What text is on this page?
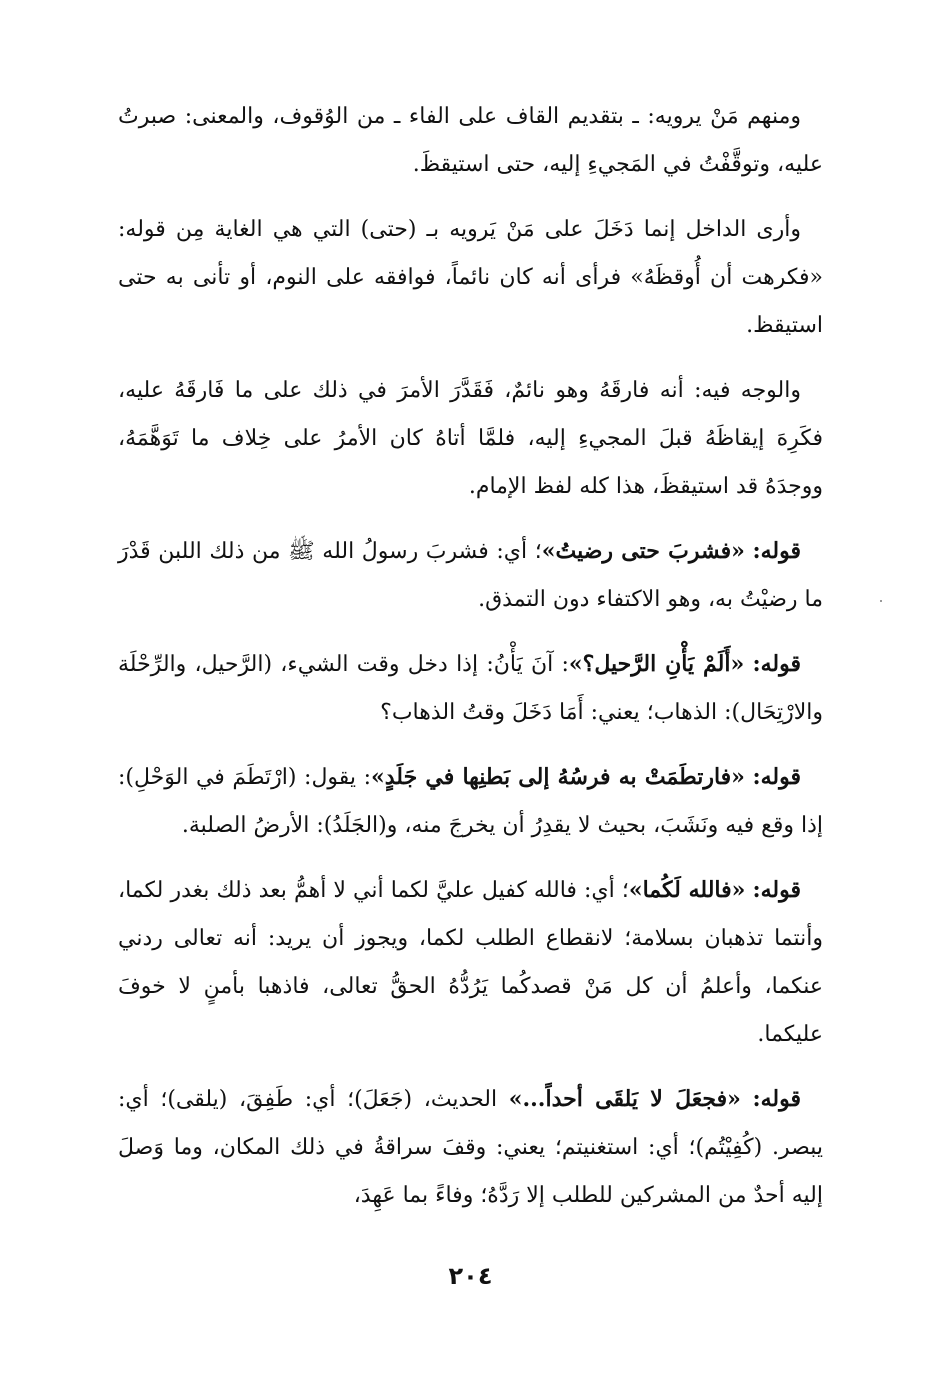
ومنهم مَنْ يرويه: ـ بتقديم القاف على الفاء ـ من الوُقوف، والمعنى: صبرتُ عليه، وتوقَّفْتُ في المَجيءِ إليه، حتى استيقظَ.

وأرى الداخل إنما دَخَلَ على مَنْ يَرويه بـ (حتى) التي هي الغاية مِن قوله: «فكرهت أن أُوقظَهُ» فرأى أنه كان نائماً، فوافقه على النوم، أو تأنى به حتى استيقظ.

والوجه فيه: أنه فارقَهُ وهو نائمٌ، فَقَدَّرَ الأمرَ في ذلك على ما فَارقَهُ عليه، فكَرِهَ إيقاظَهُ قبلَ المجيءِ إليه، فلمَّا أتاهُ كان الأمرُ على خِلاف ما تَوَهَّمَهُ، ووجدَهُ قد استيقظَ، هذا كله لفظ الإمام.

قوله: «فشربَ حتى رضيتُ»؛ أي: فشربَ رسولُ الله ﷺ من ذلك اللبن قَدْرَ ما رضيْتُ به، وهو الاكتفاء دون التمذق.

قوله: «أَلَمْ يَأْنِ الرَّحيل؟»: آنَ يَأْنُ: إذا دخل وقت الشيء، (الرَّحيل، والرِّحْلَة والارْتِحَال): الذهاب؛ يعني: أَمَا دَخَلَ وقتُ الذهاب؟

قوله: «فارتطَمَتْ به فرسُهُ إلى بَطنِها في جَلَدٍ»: يقول: (ارْتَطَمَ في الوَحْلِ): إذا وقع فيه ونَشَبَ، بحيث لا يقدِرُ أن يخرجَ منه، و(الجَلَدُ): الأرضُ الصلبة.

قوله: «فالله لَكُما»؛ أي: فالله كفيل عليَّ لكما أني لا أهمُّ بعد ذلك بغدر لكما، وأنتما تذهبان بسلامة؛ لانقطاع الطلب لكما، ويجوز أن يريد: أنه تعالى ردني عنكما، وأعلمُ أن كل مَنْ قصدكُما يَرُدُّهُ الحقُّ تعالى، فاذهبا بأمنٍ لا خوفَ عليكما.

قوله: «فجعَلَ لا يَلقَى أحداً...» الحديث، (جَعَلَ)؛ أي: طَفِقَ، (يلقى)؛ أي: يبصر. (كُفِيْتُم)؛ أي: استغنيتم؛ يعني: وقفَ سراقةُ في ذلك المكان، وما وَصلَ إليه أحدٌ من المشركين للطلب إلا رَدَّهُ؛ وفاءً بما عَهِدَ،

٢٠٤
